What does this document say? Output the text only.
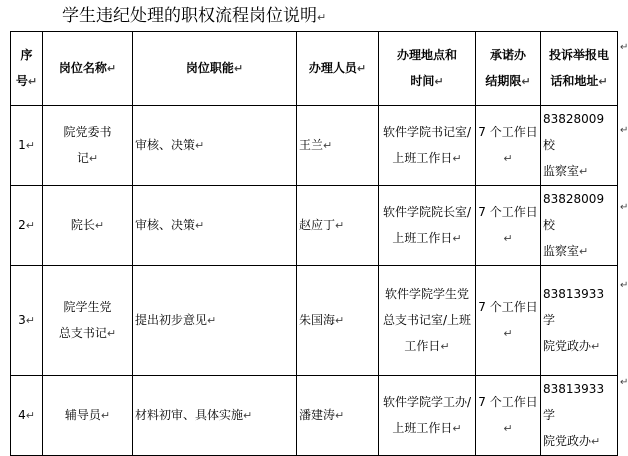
学生违纪处理的职权流程岗位说明↵
序
号↵	岗位名称↵	岗位职能↵	办理人员↵	办理地点和
时间↵	承诺办
结期限↵	投诉举报电
话和地址↵
1↵	院党委书
记↵	审核、决策↵	王兰↵	软件学院书记室/
上班工作日↵	7 个工作日↵	83828009 校
监察室↵
2↵	院长↵	审核、决策↵	赵应丁↵	软件学院院长室/
上班工作日↵	7 个工作日↵	83828009 校
监察室↵
3↵	院学生党
总支书记↵	提出初步意见↵	朱国海↵	软件学院学生党
总支书记室/上班
工作日↵	7 个工作日↵	83813933 学
院党政办↵
4↵	辅导员↵	材料初审、具体实施↵	潘建涛↵	软件学院学工办/
上班工作日↵	7 个工作日↵	83813933 学
院党政办↵
↵
↵
↵
↵
↵
